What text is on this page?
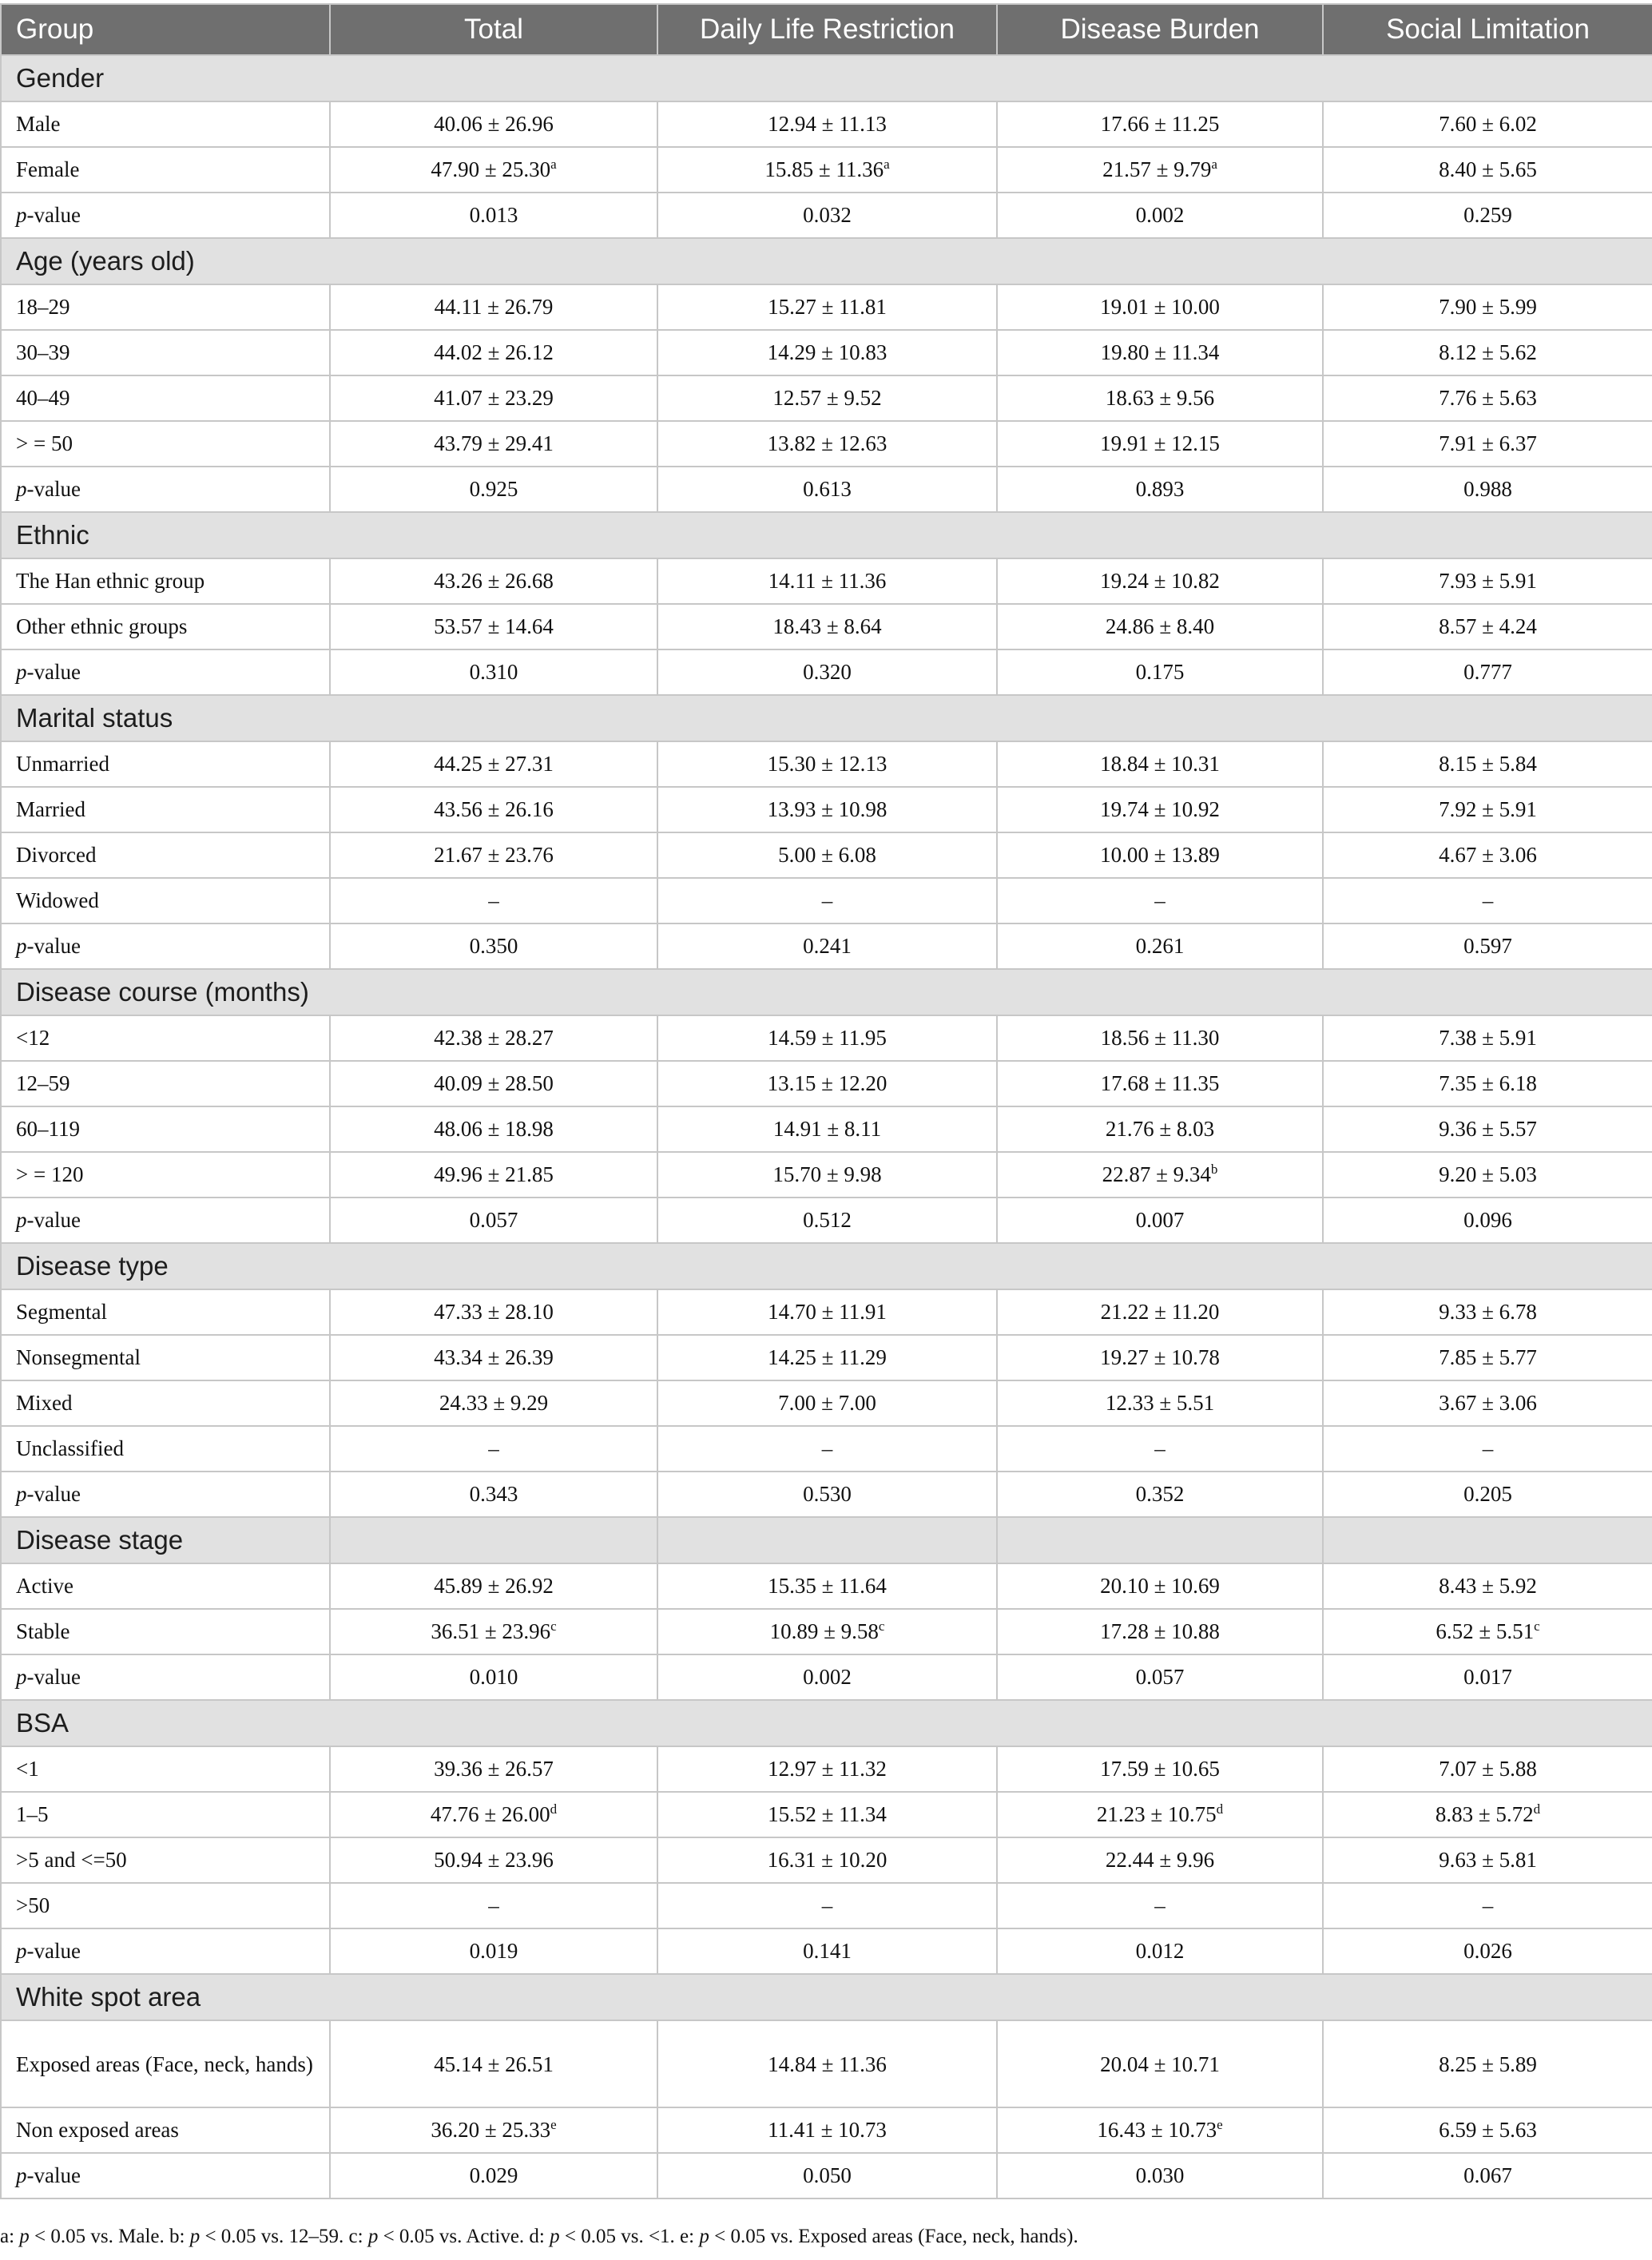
Group	Total	Daily Life Restriction	Disease Burden	Social Limitation
Gender				
Male	40.06 ± 26.96	12.94 ± 11.13	17.66 ± 11.25	7.60 ± 6.02
Female	47.90 ± 25.30$^a$	15.85 ± 11.36$^a$	21.57 ± 9.79$^a$	8.40 ± 5.65
p-value	0.013	0.032	0.002	0.259
Age (years old)				
18–29	44.11 ± 26.79	15.27 ± 11.81	19.01 ± 10.00	7.90 ± 5.99
30–39	44.02 ± 26.12	14.29 ± 10.83	19.80 ± 11.34	8.12 ± 5.62
40–49	41.07 ± 23.29	12.57 ± 9.52	18.63 ± 9.56	7.76 ± 5.63
> = 50	43.79 ± 29.41	13.82 ± 12.63	19.91 ± 12.15	7.91 ± 6.37
p-value	0.925	0.613	0.893	0.988
Ethnic				
The Han ethnic group	43.26 ± 26.68	14.11 ± 11.36	19.24 ± 10.82	7.93 ± 5.91
Other ethnic groups	53.57 ± 14.64	18.43 ± 8.64	24.86 ± 8.40	8.57 ± 4.24
p-value	0.310	0.320	0.175	0.777
Marital status				
Unmarried	44.25 ± 27.31	15.30 ± 12.13	18.84 ± 10.31	8.15 ± 5.84
Married	43.56 ± 26.16	13.93 ± 10.98	19.74 ± 10.92	7.92 ± 5.91
Divorced	21.67 ± 23.76	5.00 ± 6.08	10.00 ± 13.89	4.67 ± 3.06
Widowed	–	–	–	–
p-value	0.350	0.241	0.261	0.597
Disease course (months)				
<12	42.38 ± 28.27	14.59 ± 11.95	18.56 ± 11.30	7.38 ± 5.91
12–59	40.09 ± 28.50	13.15 ± 12.20	17.68 ± 11.35	7.35 ± 6.18
60–119	48.06 ± 18.98	14.91 ± 8.11	21.76 ± 8.03	9.36 ± 5.57
> = 120	49.96 ± 21.85	15.70 ± 9.98	22.87 ± 9.34$^b$	9.20 ± 5.03
p-value	0.057	0.512	0.007	0.096
Disease type				
Segmental	47.33 ± 28.10	14.70 ± 11.91	21.22 ± 11.20	9.33 ± 6.78
Nonsegmental	43.34 ± 26.39	14.25 ± 11.29	19.27 ± 10.78	7.85 ± 5.77
Mixed	24.33 ± 9.29	7.00 ± 7.00	12.33 ± 5.51	3.67 ± 3.06
Unclassified	–	–	–	–
p-value	0.343	0.530	0.352	0.205
Disease stage				
Active	45.89 ± 26.92	15.35 ± 11.64	20.10 ± 10.69	8.43 ± 5.92
Stable	36.51 ± 23.96$^c$	10.89 ± 9.58$^c$	17.28 ± 10.88	6.52 ± 5.51$^c$
p-value	0.010	0.002	0.057	0.017
BSA				
<1	39.36 ± 26.57	12.97 ± 11.32	17.59 ± 10.65	7.07 ± 5.88
1–5	47.76 ± 26.00$^d$	15.52 ± 11.34	21.23 ± 10.75$^d$	8.83 ± 5.72$^d$
>5 and <=50	50.94 ± 23.96	16.31 ± 10.20	22.44 ± 9.96	9.63 ± 5.81
>50	–	–	–	–
p-value	0.019	0.141	0.012	0.026
White spot area				
Exposed areas (Face, neck, hands)	45.14 ± 26.51	14.84 ± 11.36	20.04 ± 10.71	8.25 ± 5.89
Non exposed areas	36.20 ± 25.33$^e$	11.41 ± 10.73	16.43 ± 10.73$^e$	6.59 ± 5.63
p-value	0.029	0.050	0.030	0.067
a: p < 0.05 vs. Male. b: p < 0.05 vs. 12–59. c: p < 0.05 vs. Active. d: p < 0.05 vs. <1. e: p < 0.05 vs. Exposed areas (Face, neck, hands).
